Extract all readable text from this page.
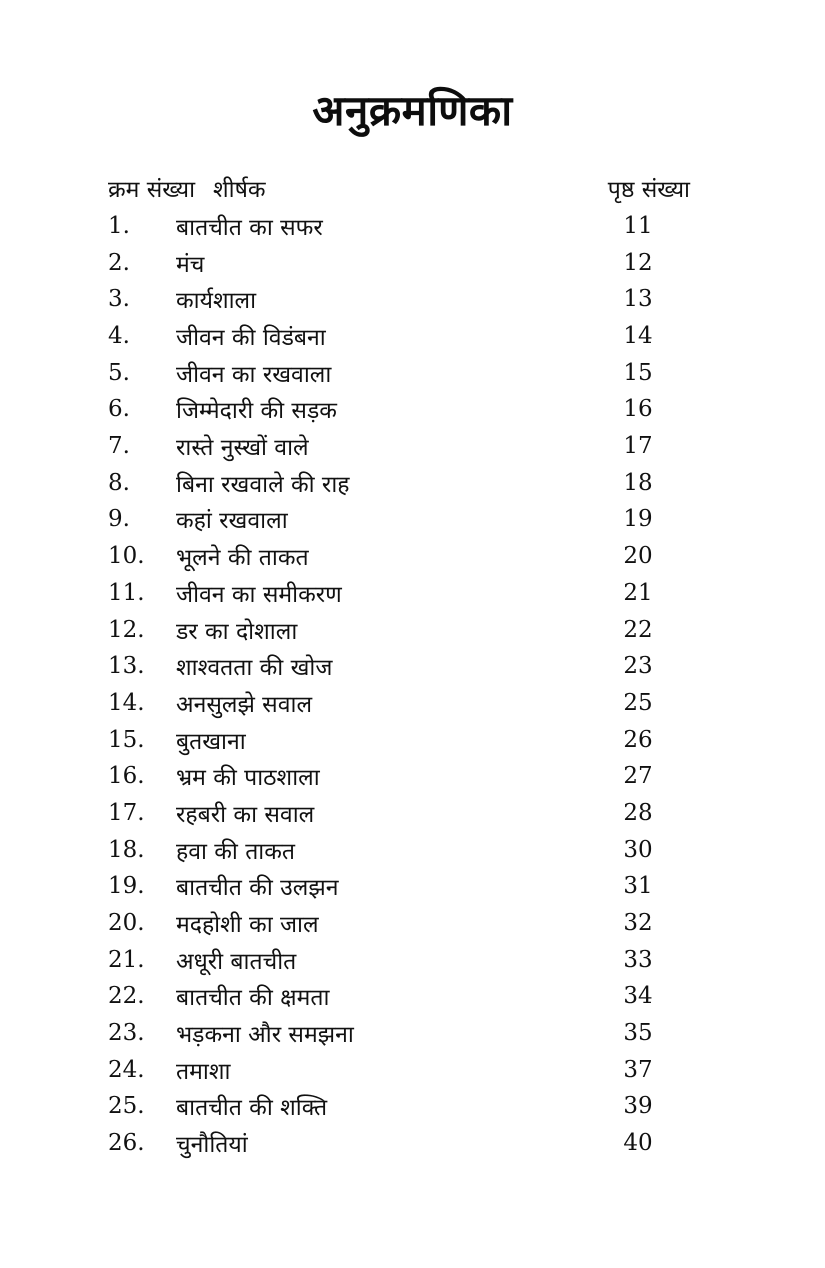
अनुक्रमणिका
क्रम संख्या शीर्षक	पृष्ठ संख्या
1.	बातचीत का सफर	11
2.	मंच	12
3.	कार्यशाला	13
4.	जीवन की विडंबना	14
5.	जीवन का रखवाला	15
6.	जिम्मेदारी की सड़क	16
7.	रास्ते नुस्खों वाले	17
8.	बिना रखवाले की राह	18
9.	कहां रखवाला	19
10.	भूलने की ताकत	20
11.	जीवन का समीकरण	21
12.	डर का दोशाला	22
13.	शाश्वतता की खोज	23
14.	अनसुलझे सवाल	25
15.	बुतखाना	26
16.	भ्रम की पाठशाला	27
17.	रहबरी का सवाल	28
18.	हवा की ताकत	30
19.	बातचीत की उलझन	31
20.	मदहोशी का जाल	32
21.	अधूरी बातचीत	33
22.	बातचीत की क्षमता	34
23.	भड़कना और समझना	35
24.	तमाशा	37
25.	बातचीत की शक्ति	39
26.	चुनौतियां	40
